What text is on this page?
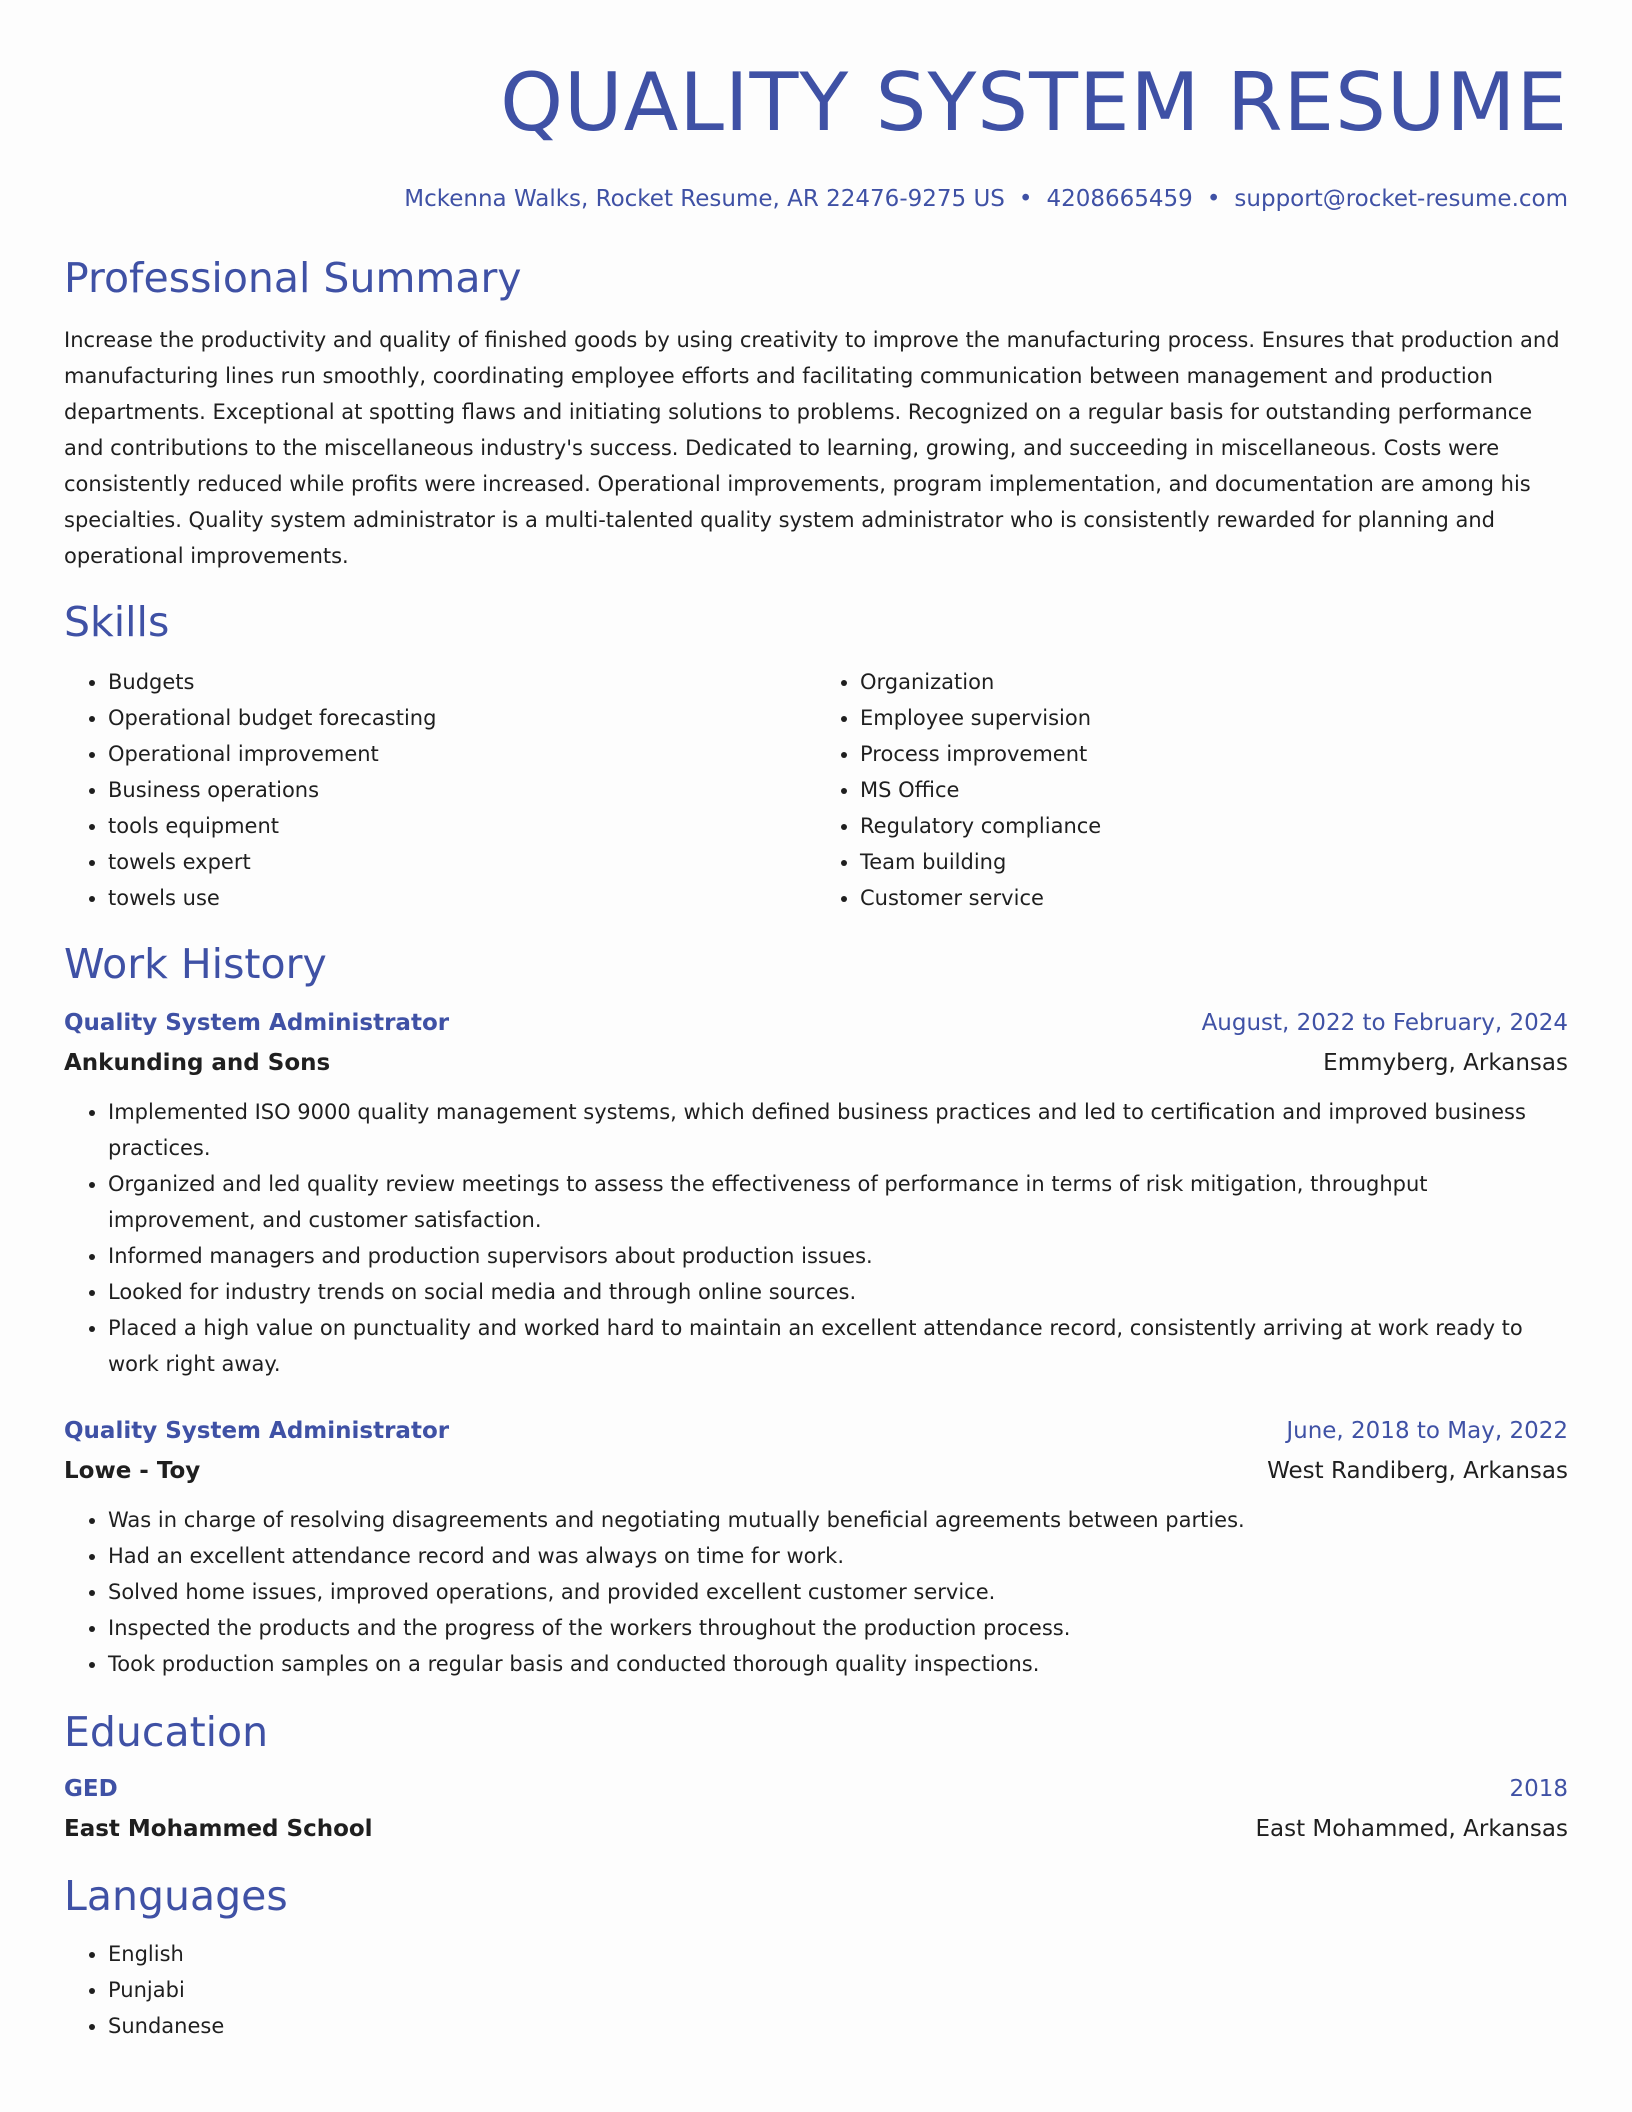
QUALITY SYSTEM RESUME
Mckenna Walks, Rocket Resume, AR 22476-9275 US • 4208665459 • support@rocket-resume.com
Professional Summary
Increase the productivity and quality of finished goods by using creativity to improve the manufacturing process. Ensures that production and manufacturing lines run smoothly, coordinating employee efforts and facilitating communication between management and production departments. Exceptional at spotting flaws and initiating solutions to problems. Recognized on a regular basis for outstanding performance and contributions to the miscellaneous industry's success. Dedicated to learning, growing, and succeeding in miscellaneous. Costs were consistently reduced while profits were increased. Operational improvements, program implementation, and documentation are among his specialties. Quality system administrator is a multi-talented quality system administrator who is consistently rewarded for planning and operational improvements.
Skills
• Budgets
• Operational budget forecasting
• Operational improvement
• Business operations
• tools equipment
• towels expert
• towels use
• Organization
• Employee supervision
• Process improvement
• MS Office
• Regulatory compliance
• Team building
• Customer service
Work History
Quality System Administrator	August, 2022 to February, 2024
Ankunding and Sons	Emmyberg, Arkansas
• Implemented ISO 9000 quality management systems, which defined business practices and led to certification and improved business practices.
• Organized and led quality review meetings to assess the effectiveness of performance in terms of risk mitigation, throughput improvement, and customer satisfaction.
• Informed managers and production supervisors about production issues.
• Looked for industry trends on social media and through online sources.
• Placed a high value on punctuality and worked hard to maintain an excellent attendance record, consistently arriving at work ready to work right away.
Quality System Administrator	June, 2018 to May, 2022
Lowe - Toy	West Randiberg, Arkansas
• Was in charge of resolving disagreements and negotiating mutually beneficial agreements between parties.
• Had an excellent attendance record and was always on time for work.
• Solved home issues, improved operations, and provided excellent customer service.
• Inspected the products and the progress of the workers throughout the production process.
• Took production samples on a regular basis and conducted thorough quality inspections.
Education
GED	2018
East Mohammed School	East Mohammed, Arkansas
Languages
• English
• Punjabi
• Sundanese
